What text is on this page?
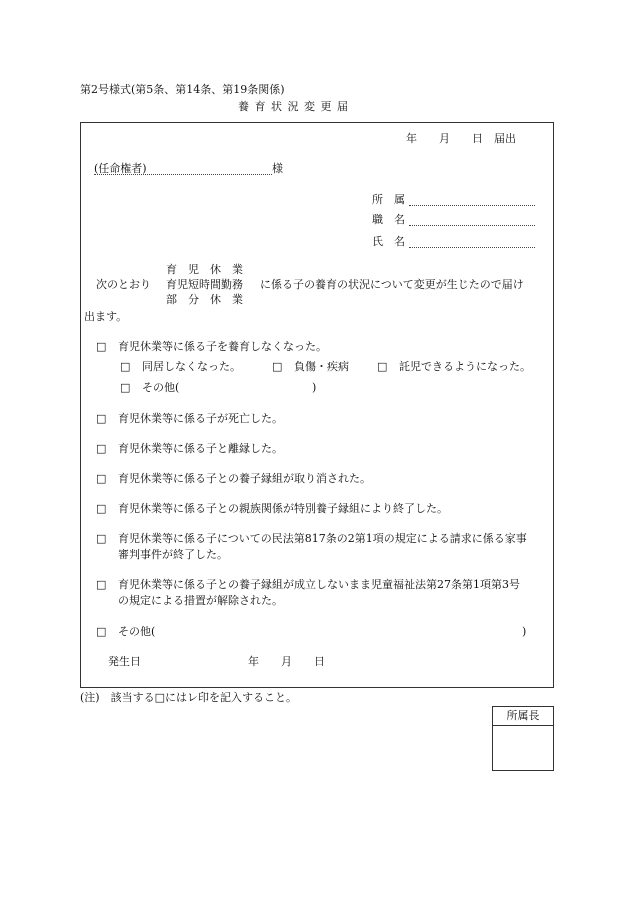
第2号様式(第5条、第14条、第19条関係)
養 育 状 況 変 更 届
年　　月　　日　届出
(任命権者)	様
所　属
職　名
氏　名
次のとおり
育　児　休　業
育児短時間勤務
部　分　休　業
に係る子の養育の状況について変更が生じたので届け
出ます。
□ 育児休業等に係る子を養育しなくなった。
□ 同居しなくなった。	□ 負傷・疾病	□ 託児できるようになった。
□ その他(	)
□ 育児休業等に係る子が死亡した。
□ 育児休業等に係る子と離縁した。
□ 育児休業等に係る子との養子縁組が取り消された。
□ 育児休業等に係る子との親族関係が特別養子縁組により終了した。
□ 育児休業等に係る子についての民法第817条の2第1項の規定による請求に係る家事
審判事件が終了した。
□ 育児休業等に係る子との養子縁組が成立しないまま児童福祉法第27条第1項第3号
の規定による措置が解除された。
□ その他(	)
発生日	年　　月　　日
(注)　該当する□にはレ印を記入すること。
所属長
